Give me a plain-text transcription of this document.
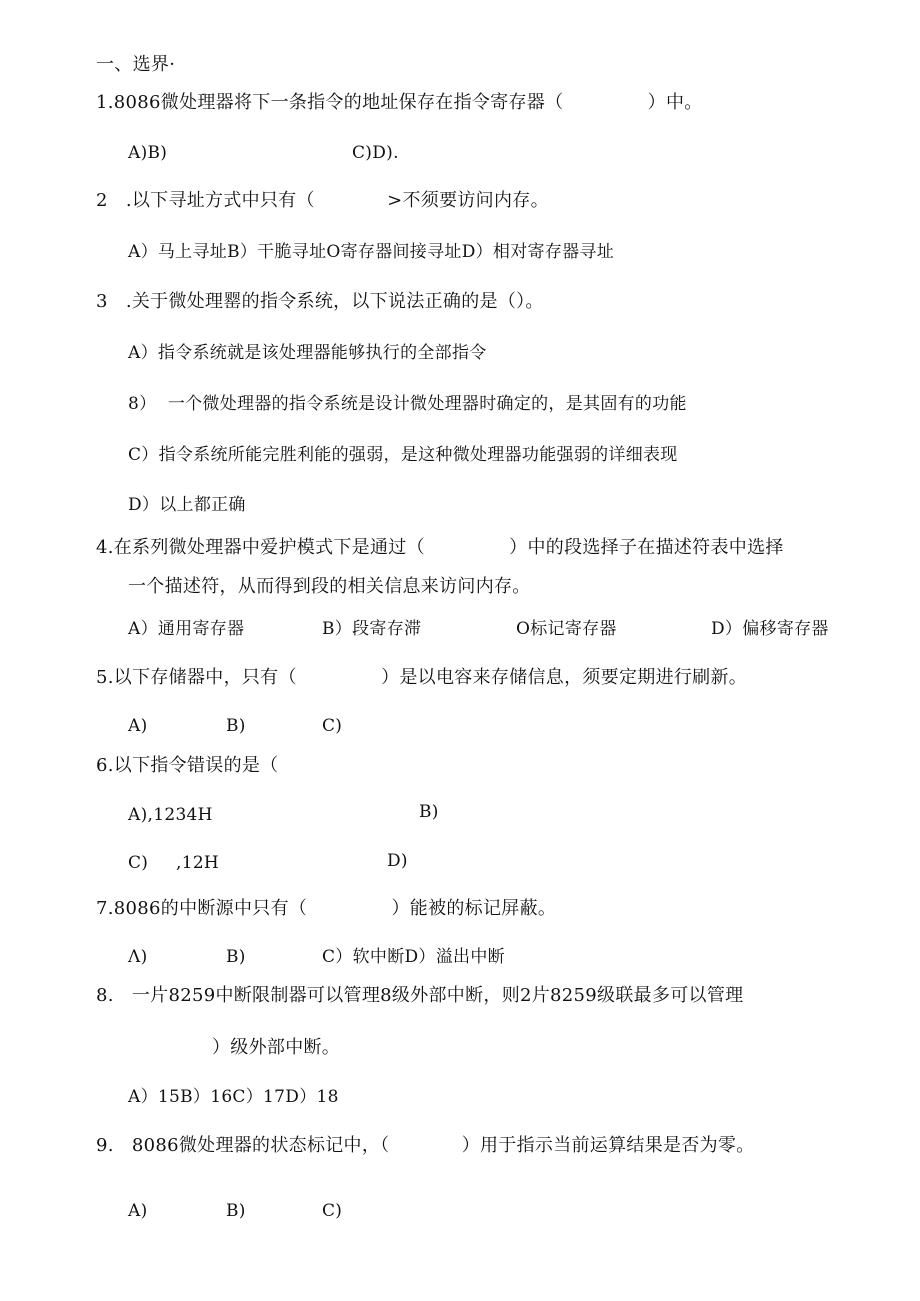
一、选界·
1.8086微处理器将下一条指令的地址保存在指令寄存器（              ）中。
A)B)	C)D).
2   .以下寻址方式中只有（            >不须要访问内存。
A）马上寻址B）干脆寻址O寄存器间接寻址D）相对寄存器寻址
3   .关于微处理罂的指令系统，以下说法正确的是（）。
A）指令系统就是该处理器能够执行的全部指令
8）  一个微处理器的指令系统是设计微处理器时确定的，是其固有的功能
C）指令系统所能完胜利能的强弱，是这种微处理器功能强弱的详细表现
D）以上都正确
4.在系列微处理器中爱护模式下是通过（              ）中的段选择子在描述符表中选择
一个描述符，从而得到段的相关信息来访问内存。
A）通用寄存器	B）段寄存滞	O标记寄存器	D）偏移寄存器
5.以下存储器中，只有（              ）是以电容来存储信息，须要定期进行刷新。
A)	B)	C)
6.以下指令错误的是（
A),1234H	B)
C) ,12H	D)
7.8086的中断源中只有（              ）能被的标记屏蔽。
Λ)	B)	C）软中断D）溢出中断
8.   一片8259中断限制器可以管理8级外部中断，则2片8259级联最多可以管理
）级外部中断。
A）15B）16C）17D）18
9.   8086微处理器的状态标记中，（            ）用于指示当前运算结果是否为零。
A)	B)	C)
